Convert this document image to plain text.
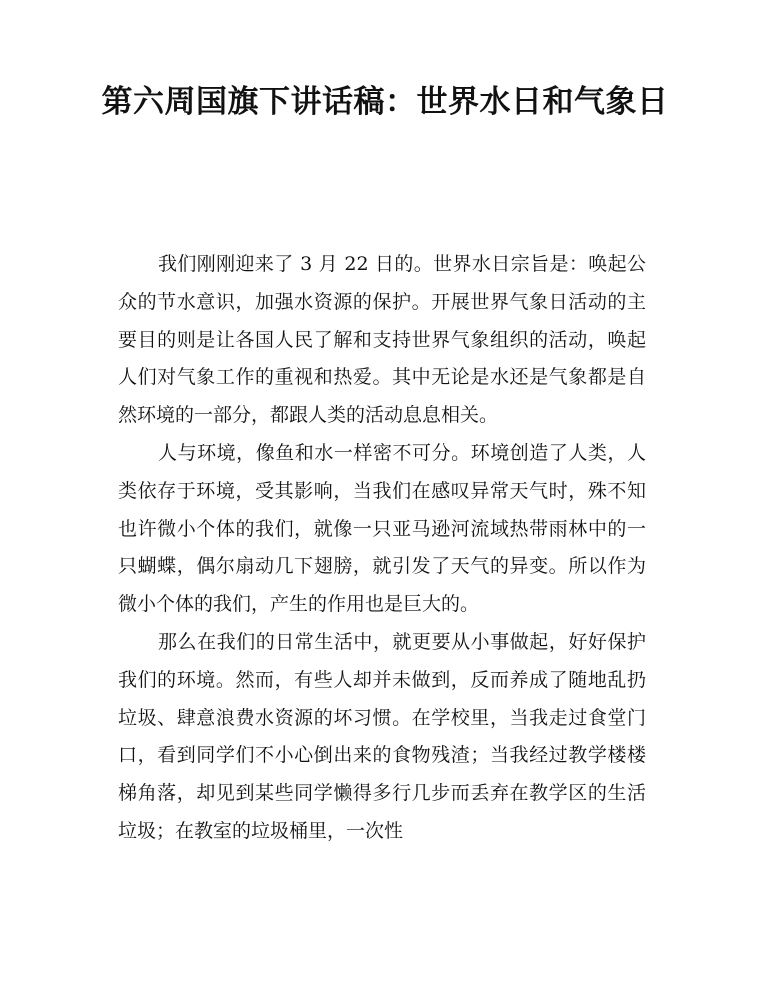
第六周国旗下讲话稿：世界水日和气象日

我们刚刚迎来了 3 月 22 日的。世界水日宗旨是：唤起公众的节水意识，加强水资源的保护。开展世界气象日活动的主要目的则是让各国人民了解和支持世界气象组织的活动，唤起人们对气象工作的重视和热爱。其中无论是水还是气象都是自然环境的一部分，都跟人类的活动息息相关。

人与环境，像鱼和水一样密不可分。环境创造了人类，人类依存于环境，受其影响，当我们在感叹异常天气时，殊不知也许微小个体的我们，就像一只亚马逊河流域热带雨林中的一只蝴蝶，偶尔扇动几下翅膀，就引发了天气的异变。所以作为微小个体的我们，产生的作用也是巨大的。

那么在我们的日常生活中，就更要从小事做起，好好保护我们的环境。然而，有些人却并未做到，反而养成了随地乱扔垃圾、肆意浪费水资源的坏习惯。在学校里，当我走过食堂门口，看到同学们不小心倒出来的食物残渣；当我经过教学楼楼梯角落，却见到某些同学懒得多行几步而丢弃在教学区的生活垃圾；在教室的垃圾桶里，一次性
